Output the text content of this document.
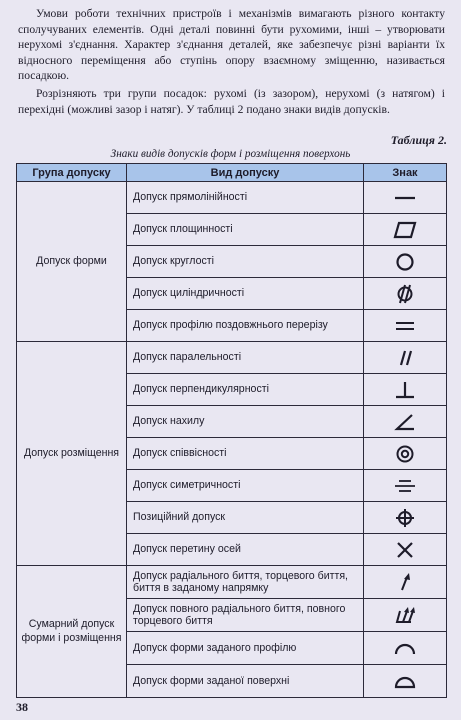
Умови роботи технічних пристроїв і механізмів вимагають різного контакту сполучуваних елементів. Одні деталі повинні бути рухомими, інші – утворювати нерухомі з'єднання. Характер з'єднання деталей, яке забезпечує різні варіанти їх відносного переміщення або ступінь опору взаємному зміщенню, називається посадкою.

Розрізняють три групи посадок: рухомі (із зазором), нерухомі (з натягом) і перехідні (можливі зазор і натяг). У таблиці 2 подано знаки видів допусків.

Таблиця 2.
Знаки видів допусків форм і розміщення поверхонь
Група допуску	Вид допуску	Знак
Допуск форми	Допуск прямолінійності	

	Допуск площинності	

	Допуск круглості	

	Допуск циліндричності	

	Допуск профілю поздовжнього перерізу	

Допуск розміщення	Допуск паралельності	

	Допуск перпендикулярності	

	Допуск нахилу	

	Допуск співвісності	

	Допуск симетричності	

	Позиційний допуск	

	Допуск перетину осей	

Сумарний допуск форми і розміщення	Допуск радіального биття, торцевого биття, биття в заданому напрямку	

	Допуск повного радіального биття, повного торцевого биття	

	Допуск форми заданого профілю	

	Допуск форми заданої поверхні	
38
